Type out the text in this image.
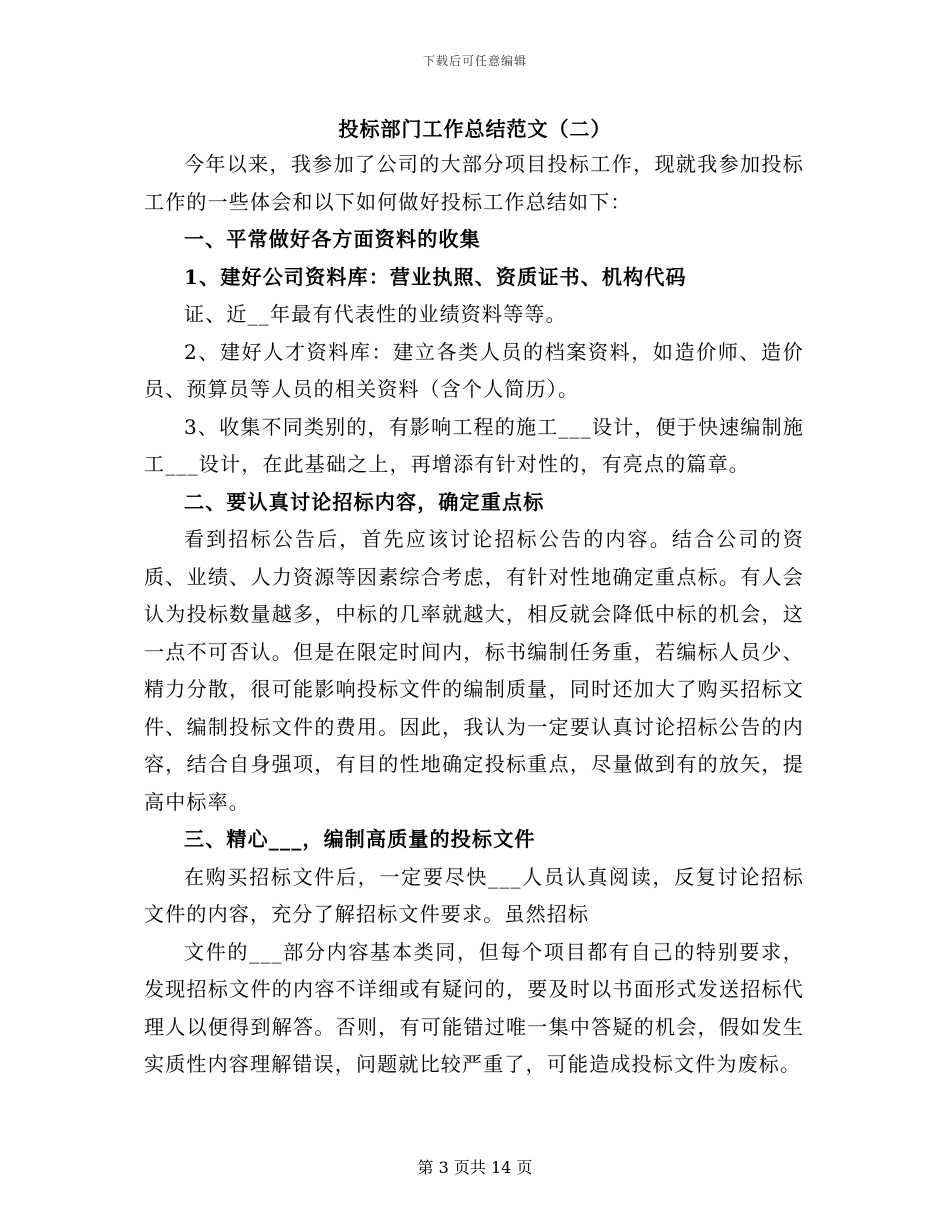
下载后可任意编辑
投标部门工作总结范文（二）

今年以来，我参加了公司的大部分项目投标工作，现就我参加投标工作的一些体会和以下如何做好投标工作总结如下：

一、平常做好各方面资料的收集

1、建好公司资料库：营业执照、资质证书、机构代码

证、近__年最有代表性的业绩资料等等。

2、建好人才资料库：建立各类人员的档案资料，如造价师、造价员、预算员等人员的相关资料（含个人简历）。

3、收集不同类别的，有影响工程的施工___设计，便于快速编制施工___设计，在此基础之上，再增添有针对性的，有亮点的篇章。

二、要认真讨论招标内容，确定重点标

看到招标公告后，首先应该讨论招标公告的内容。结合公司的资质、业绩、人力资源等因素综合考虑，有针对性地确定重点标。有人会认为投标数量越多，中标的几率就越大，相反就会降低中标的机会，这一点不可否认。但是在限定时间内，标书编制任务重，若编标人员少、精力分散，很可能影响投标文件的编制质量，同时还加大了购买招标文件、编制投标文件的费用。因此，我认为一定要认真讨论招标公告的内容，结合自身强项，有目的性地确定投标重点，尽量做到有的放矢，提高中标率。

三、精心___，编制高质量的投标文件

在购买招标文件后，一定要尽快___人员认真阅读，反复讨论招标文件的内容，充分了解招标文件要求。虽然招标

文件的___部分内容基本类同，但每个项目都有自己的特别要求，发现招标文件的内容不详细或有疑问的，要及时以书面形式发送招标代理人以便得到解答。否则，有可能错过唯一集中答疑的机会，假如发生实质性内容理解错误，问题就比较严重了，可能造成投标文件为废标。

第 3 页共 14 页
